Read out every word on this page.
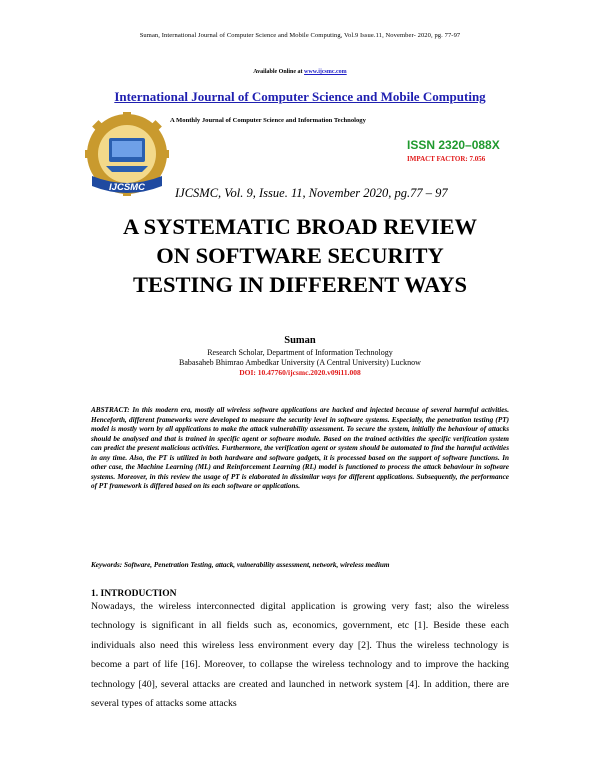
Suman, International Journal of Computer Science and Mobile Computing, Vol.9 Issue.11, November- 2020, pg. 77-97
Available Online at www.ijcsmc.com
International Journal of Computer Science and Mobile Computing
A Monthly Journal of Computer Science and Information Technology
IJCSMC
ISSN 2320–088X
IMPACT FACTOR: 7.056
IJCSMC, Vol. 9, Issue. 11, November 2020, pg.77 – 97
A SYSTEMATIC BROAD REVIEW
ON SOFTWARE SECURITY
TESTING IN DIFFERENT WAYS
Suman
Research Scholar, Department of Information Technology
Babasaheb Bhimrao Ambedkar University (A Central University) Lucknow
DOI: 10.47760/ijcsmc.2020.v09i11.008
ABSTRACT: In this modern era, mostly all wireless software applications are hacked and injected because of several harmful activities. Henceforth, different frameworks were developed to measure the security level in software systems. Especially, the penetration testing (PT) model is mostly worn by all applications to make the attack vulnerability assessment. To secure the system, initially the behaviour of attacks should be analysed and that is trained in specific agent or software module. Based on the trained activities the specific verification system can predict the present malicious activities. Furthermore, the verification agent or system should be automated to find the harmful activities in any time. Also, the PT is utilized in both hardware and software gadgets, it is processed based on the support of software functions. In other case, the Machine Learning (ML) and Reinforcement Learning (RL) model is functioned to process the attack behaviour in software systems. Moreover, in this review the usage of PT is elaborated in dissimilar ways for different applications. Subsequently, the performance of PT framework is differed based on its each software or applications.
Keywords: Software, Penetration Testing, attack, vulnerability assessment, network, wireless medium
1. INTRODUCTION
Nowadays, the wireless interconnected digital application is growing very fast; also the wireless technology is significant in all fields such as, economics, government, etc [1]. Beside these each individuals also need this wireless less environment every day [2]. Thus the wireless technology is become a part of life [16]. Moreover, to collapse the wireless technology and to improve the hacking technology [40], several attacks are created and launched in network system [4]. In addition, there are several types of attacks some attacks
